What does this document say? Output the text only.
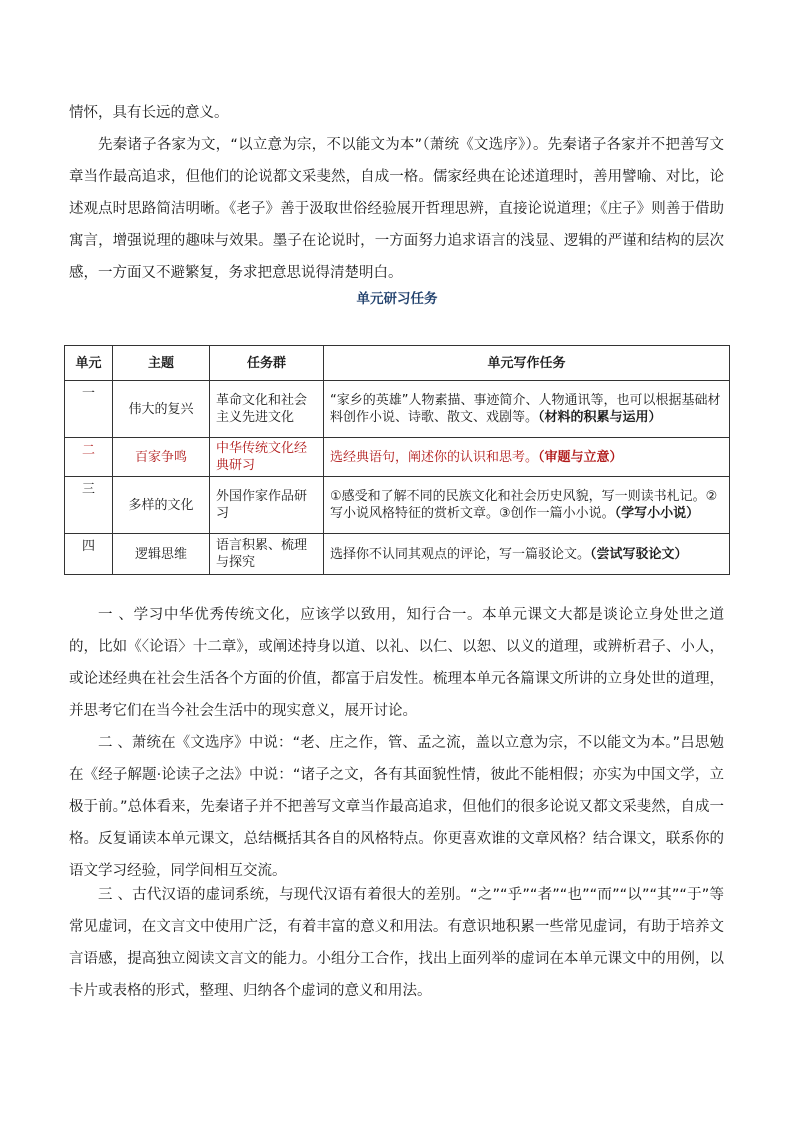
情怀，具有长远的意义。

先秦诸子各家为文，“以立意为宗，不以能文为本”（萧统《文选序》）。先秦诸子各家并不把善写文章当作最高追求，但他们的论说都文采斐然，自成一格。儒家经典在论述道理时，善用譬喻、对比，论述观点时思路简洁明晰。《老子》善于汲取世俗经验展开哲理思辨，直接论说道理；《庄子》则善于借助寓言，增强说理的趣味与效果。墨子在论说时，一方面努力追求语言的浅显、逻辑的严谨和结构的层次感，一方面又不避繁复，务求把意思说得清楚明白。

单元研习任务
单元	主题	任务群	单元写作任务
一	伟大的复兴	革命文化和社会主义先进文化	“家乡的英雄”人物素描、事迹简介、人物通讯等，也可以根据基础材料创作小说、诗歌、散文、戏剧等。（材料的积累与运用）
二	百家争鸣	中华传统文化经典研习	选经典语句，阐述你的认识和思考。（审题与立意）
三	多样的文化	外国作家作品研习	①感受和了解不同的民族文化和社会历史风貌，写一则读书札记。②写小说风格特征的赏析文章。③创作一篇小小说。（学写小小说）
四	逻辑思维	语言积累、梳理与探究	选择你不认同其观点的评论，写一篇驳论文。（尝试写驳论文）

一 、学习中华优秀传统文化，应该学以致用，知行合一。本单元课文大都是谈论立身处世之道的，比如《〈论语〉十二章》，或阐述持身以道、以礼、以仁、以恕、以义的道理，或辨析君子、小人，或论述经典在社会生活各个方面的价值，都富于启发性。梳理本单元各篇课文所讲的立身处世的道理，并思考它们在当今社会生活中的现实意义，展开讨论。

二 、萧统在《文选序》中说：“老、庄之作，管、孟之流，盖以立意为宗，不以能文为本。”吕思勉在《经子解题·论读子之法》中说：“诸子之文，各有其面貌性情，彼此不能相假；亦实为中国文学，立极于前。”总体看来，先秦诸子并不把善写文章当作最高追求，但他们的很多论说又都文采斐然，自成一格。反复诵读本单元课文，总结概括其各自的风格特点。你更喜欢谁的文章风格？结合课文，联系你的语文学习经验，同学间相互交流。

三 、古代汉语的虚词系统，与现代汉语有着很大的差别。“之”“乎”“者”“也”“而”“以”“其”“于”等常见虚词，在文言文中使用广泛，有着丰富的意义和用法。有意识地积累一些常见虚词，有助于培养文言语感，提高独立阅读文言文的能力。小组分工合作，找出上面列举的虚词在本单元课文中的用例，以卡片或表格的形式，整理、归纳各个虚词的意义和用法。
